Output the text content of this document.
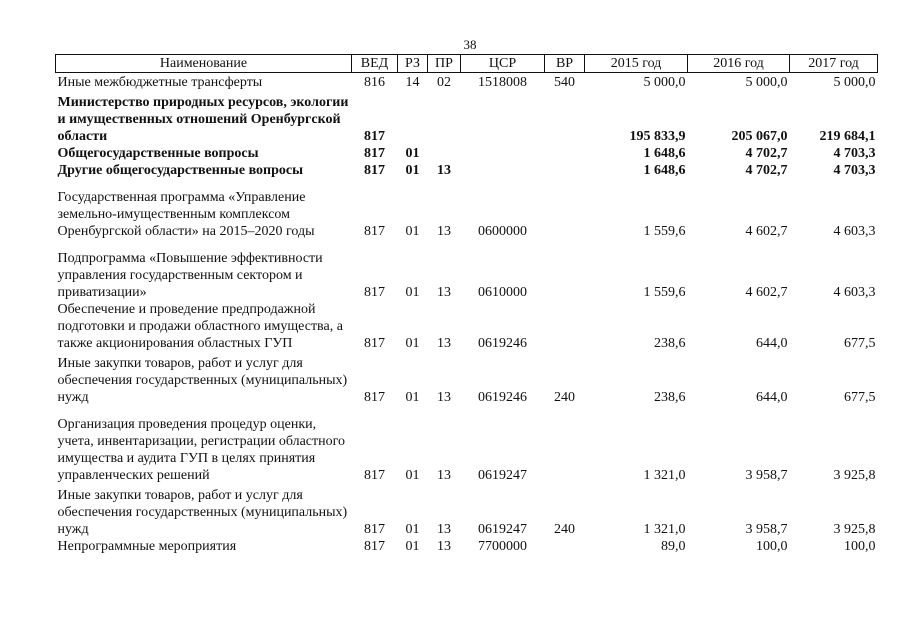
38
Наименование	ВЕД	РЗ	ПР	ЦСР	ВР	2015 год	2016 год	2017 год
Иные межбюджетные трансферты	816	14	02	1518008	540	5 000,0	5 000,0	5 000,0
Министерство природных ресурсов, экологии и имущественных отношений Оренбургской области	817					195 833,9	205 067,0	219 684,1
Общегосударственные вопросы	817	01				1 648,6	4 702,7	4 703,3
Другие общегосударственные вопросы	817	01	13			1 648,6	4 702,7	4 703,3
Государственная программа «Управление земельно-имущественным комплексом Оренбургской области» на 2015–2020 годы	817	01	13	0600000		1 559,6	4 602,7	4 603,3
Подпрограмма «Повышение эффективности управления государственным сектором и приватизации»	817	01	13	0610000		1 559,6	4 602,7	4 603,3
Обеспечение и проведение предпродажной подготовки и продажи областного имущества, а также акционирования областных ГУП	817	01	13	0619246		238,6	644,0	677,5
Иные закупки товаров, работ и услуг для обеспечения государственных (муниципальных) нужд	817	01	13	0619246	240	238,6	644,0	677,5
Организация проведения процедур оценки, учета, инвентаризации, регистрации областного имущества и аудита ГУП в целях принятия управленческих решений	817	01	13	0619247		1 321,0	3 958,7	3 925,8
Иные закупки товаров, работ и услуг для обеспечения государственных (муниципальных) нужд	817	01	13	0619247	240	1 321,0	3 958,7	3 925,8
Непрограммные мероприятия	817	01	13	7700000		89,0	100,0	100,0
